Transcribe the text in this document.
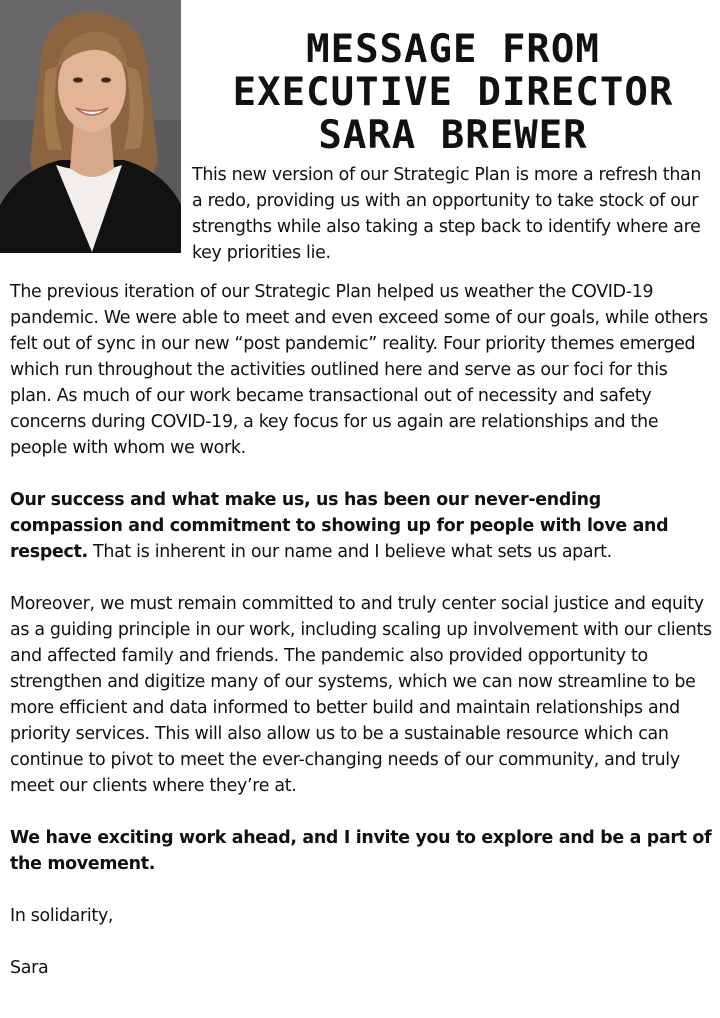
MESSAGE FROM
EXECUTIVE DIRECTOR
SARA BREWER

This new version of our Strategic Plan is more a refresh than a redo, providing us with an opportunity to take stock of our strengths while also taking a step back to identify where are key priorities lie.

The previous iteration of our Strategic Plan helped us weather the COVID-19 pandemic. We were able to meet and even exceed some of our goals, while others felt out of sync in our new “post pandemic” reality. Four priority themes emerged which run throughout the activities outlined here and serve as our foci for this plan. As much of our work became transactional out of necessity and safety concerns during COVID-19, a key focus for us again are relationships and the people with whom we work.

Our success and what make us, us has been our never-ending compassion and commitment to showing up for people with love and respect. That is inherent in our name and I believe what sets us apart.

Moreover, we must remain committed to and truly center social justice and equity as a guiding principle in our work, including scaling up involvement with our clients and affected family and friends. The pandemic also provided opportunity to strengthen and digitize many of our systems, which we can now streamline to be more efficient and data informed to better build and maintain relationships and priority services. This will also allow us to be a sustainable resource which can continue to pivot to meet the ever-changing needs of our community, and truly meet our clients where they’re at.

We have exciting work ahead, and I invite you to explore and be a part of the movement.

In solidarity,

Sara
